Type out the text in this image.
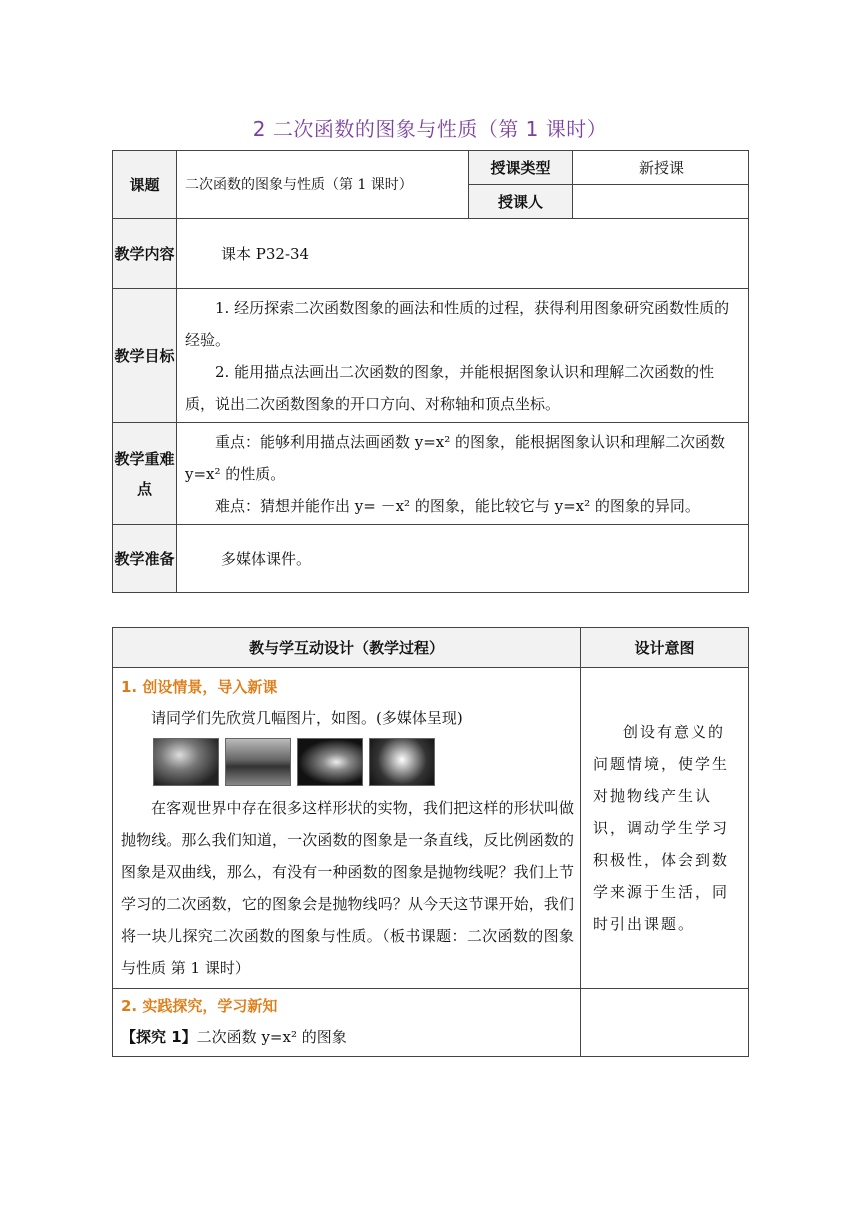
2 二次函数的图象与性质（第 1 课时）
课题	二次函数的图象与性质（第 1 课时）	授课类型	新授课
		授课人	
教学内容	课本 P32-34		
教学目标	1. 经历探索二次函数图象的画法和性质的过程，获得利用图象研究函数性质的经验。
2. 能用描点法画出二次函数的图象，并能根据图象认识和理解二次函数的性质，说出二次函数图象的开口方向、对称轴和顶点坐标。		

教学重难点	重点：能够利用描点法画函数 y=x² 的图象，能根据图象认识和理解二次函数 y=x² 的性质。
难点：猜想并能作出 y= －x² 的图象，能比较它与 y=x² 的图象的异同。		

教学准备	多媒体课件。		
教与学互动设计（教学过程）	设计意图

1. 创设情景，导入新课
请同学们先欣赏几幅图片，如图。(多媒体呈现)
在客观世界中存在很多这样形状的实物，我们把这样的形状叫做抛物线。那么我们知道，一次函数的图象是一条直线，反比例函数的图象是双曲线，那么，有没有一种函数的图象是抛物线呢？我们上节学习的二次函数，它的图象会是抛物线吗？从今天这节课开始，我们将一块儿探究二次函数的图象与性质。（板书课题：二次函数的图象与性质 第 1 课时）	创设有意义的问题情境，使学生对抛物线产生认识，调动学生学习积极性，体会到数学来源于生活，同时引出课题。

2. 实践探究，学习新知
【探究 1】二次函数 y=x² 的图象	
